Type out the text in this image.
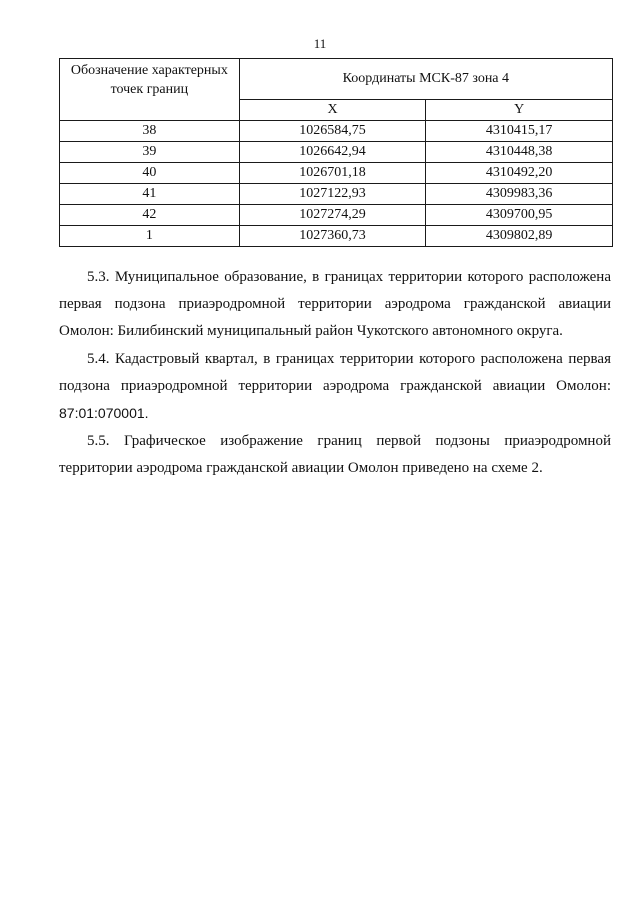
11
Обозначение характерных точек границ	Координаты МСК-87 зона 4	
	X	Y
38	1026584,75	4310415,17
39	1026642,94	4310448,38
40	1026701,18	4310492,20
41	1027122,93	4309983,36
42	1027274,29	4309700,95
1	1027360,73	4309802,89

5.3. Муниципальное образование, в границах территории которого расположена первая подзона приаэродромной территории аэродрома гражданской авиации Омолон: Билибинский муниципальный район Чукотского автономного округа.

5.4. Кадастровый квартал, в границах территории которого расположена первая подзона приаэродромной территории аэродрома гражданской авиации Омолон: 87:01:070001.

5.5. Графическое изображение границ первой подзоны приаэродромной территории аэродрома гражданской авиации Омолон приведено на схеме 2.
